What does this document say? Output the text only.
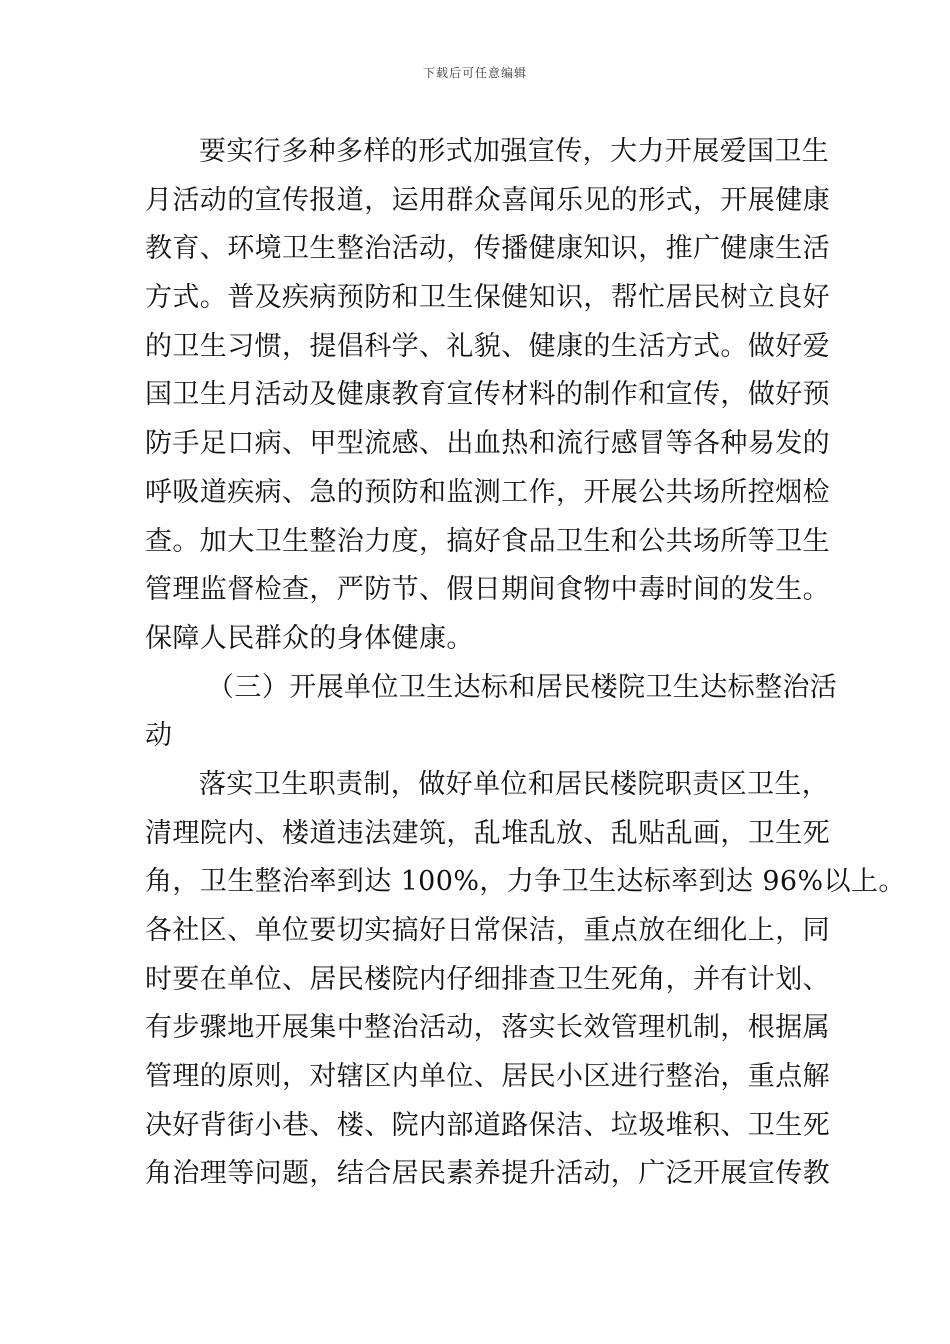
下载后可任意编辑
要实行多种多样的形式加强宣传，大力开展爱国卫生
月活动的宣传报道，运用群众喜闻乐见的形式，开展健康
教育、环境卫生整治活动，传播健康知识，推广健康生活
方式。普及疾病预防和卫生保健知识，帮忙居民树立良好
的卫生习惯，提倡科学、礼貌、健康的生活方式。做好爱
国卫生月活动及健康教育宣传材料的制作和宣传，做好预
防手足口病、甲型流感、出血热和流行感冒等各种易发的
呼吸道疾病、急的预防和监测工作，开展公共场所控烟检
查。加大卫生整治力度，搞好食品卫生和公共场所等卫生
管理监督检查，严防节、假日期间食物中毒时间的发生。
保障人民群众的身体健康。
（三）开展单位卫生达标和居民楼院卫生达标整治活
动
落实卫生职责制，做好单位和居民楼院职责区卫生，
清理院内、楼道违法建筑，乱堆乱放、乱贴乱画，卫生死
角，卫生整治率到达 100%，力争卫生达标率到达 96%以上。
各社区、单位要切实搞好日常保洁，重点放在细化上，同
时要在单位、居民楼院内仔细排查卫生死角，并有计划、
有步骤地开展集中整治活动，落实长效管理机制，根据属
管理的原则，对辖区内单位、居民小区进行整治，重点解
决好背街小巷、楼、院内部道路保洁、垃圾堆积、卫生死
角治理等问题，结合居民素养提升活动，广泛开展宣传教
